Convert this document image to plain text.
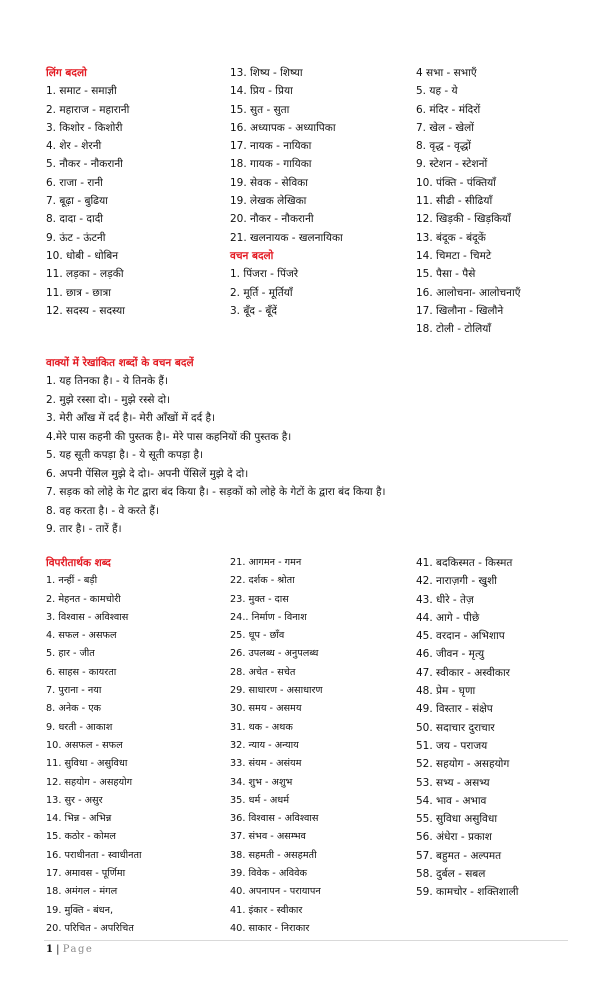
लिंग बदलो
1. समाट - समाज्ञी
2. महाराज - महारानी
3. किशोर - किशोरी
4. शेर - शेरनी
5. नौकर - नौकरानी
6. राजा - रानी
7. बूढ़ा - बुढिया
8. दादा - दादी
9. ऊंट - ऊंटनी
10. धोबी - धोबिन
11. लड़का - लड़की
11. छात्र - छात्रा
12. सदस्य - सदस्या
13. शिष्य - शिष्या
14. प्रिय - प्रिया
15. सुत - सुता
16. अध्यापक - अध्यापिका
17. नायक - नायिका
18. गायक - गायिका
19. सेवक - सेविका
19. लेखक लेखिका
20. नौकर - नौकरानी
21. खलनायक - खलनायिका
वचन बदलो
1. पिंजरा - पिंजरे
2. मूर्ति - मूर्तियाँ
3. बूँद - बूँदें
4 सभा - सभाएँ
5. यह - ये
6. मंदिर - मंदिरों
7. खेल - खेलों
8. वृद्ध - वृद्धों
9. स्टेशन - स्टेशनों
10. पंक्ति - पंक्तियाँ
11. सीढी - सीढियाँ
12. खिड़की - खिड़कियाँ
13. बंदूक - बंदूकें
14. चिमटा - चिमटे
15. पैसा - पैसे
16. आलोचना- आलोचनाएँ
17. खिलौना - खिलौने
18. टोली - टोलियाँ
वाक्यों में रेखांकित शब्दों के वचन बदलें
1. यह तिनका है। - ये तिनके हैं।
2. मुझे रस्सा दो। - मुझे रस्से दो।
3. मेरी आँख में दर्द है।- मेरी आँखों में दर्द है।
4.मेरे पास कहनी की पुस्तक है।- मेरे पास कहनियों की पुस्तक है।
5. यह सूती कपड़ा है। - ये सूती कपड़ा है।
6. अपनी पेंसिल मुझे दे दो।- अपनी पेंसिलें मुझे दे दो।
7. सड़क को लोहे के गेट द्वारा बंद किया है। - सड़कों को लोहे के गेटों के द्वारा बंद किया है।
8. वह करता है। - वे करते हैं।
9. तार है। - तारें हैं।
विपरीतार्थक शब्द
1. नन्हीं - बड़ी
2. मेहनत - कामचोरी
3. विश्वास - अविश्वास
4. सफल - असफल
5. हार - जीत
6. साहस - कायरता
7. पुराना - नया
8. अनेक - एक
9. धरती - आकाश
10. असफल - सफल
11. सुविधा - असुविधा
12. सहयोग - असहयोग
13. सुर - असुर
14. भिन्न - अभिन्न
15. कठोर - कोमल
16. पराधीनता - स्वाधीनता
17. अमावस - पूर्णिमा
18. अमंगल - मंगल
19. मुक्ति - बंधन,
20. परिचित - अपरिचित
21. आगमन - गमन
22. दर्शक - श्रोता
23. मुक्त - दास
24.. निर्माण - विनाश
25. धूप - छाँव
26. उपलब्ध - अनुपलब्ध
28. अचेत - सचेत
29. साधारण - असाधारण
30. समय - असमय
31. थक - अथक
32. न्याय - अन्याय
33. संयम - असंयम
34. शुभ - अशुभ
35. धर्म - अधर्म
36. विश्वास - अविश्वास
37. संभव - असम्भव
38. सहमती - असहमती
39. विवेक - अविवेक
40. अपनापन - परायापन
41. इंकार - स्वीकार
40. साकार - निराकार
41. बदकिस्मत - किस्मत
42. नाराज़गी - खुशी
43. धीरे - तेज़
44. आगे - पीछे
45. वरदान - अभिशाप
46. जीवन - मृत्यु
47. स्वीकार - अस्वीकार
48. प्रेम - घृणा
49. विस्तार - संक्षेप
50. सदाचार दुराचार
51. जय - पराजय
52. सहयोग - असहयोग
53. सभ्य - असभ्य
54. भाव - अभाव
55. सुविधा असुविधा
56. अंधेरा - प्रकाश
57. बहुमत - अल्पमत
58. दुर्बल - सबल
59. कामचोर - शक्तिशाली
1 | Page
